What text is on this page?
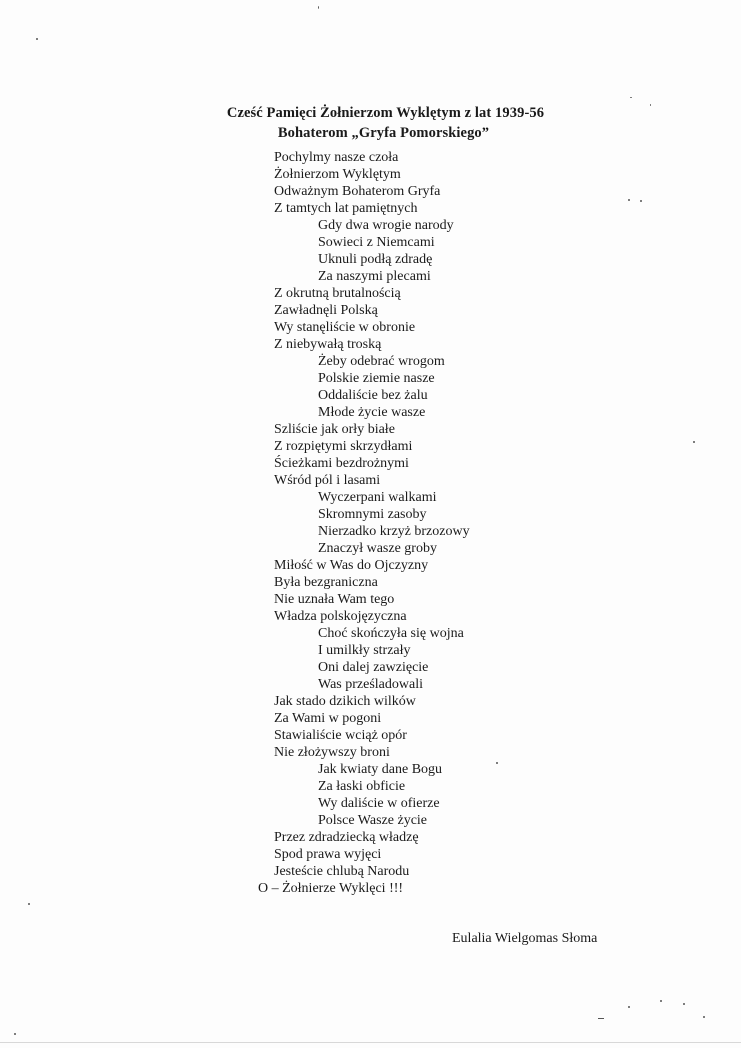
Cześć Pamięci Żołnierzom Wyklętym z lat 1939-56
Bohaterom „Gryfa Pomorskiego”
Pochylmy nasze czoła
Żołnierzom Wyklętym
Odważnym Bohaterom Gryfa
Z tamtych lat pamiętnych
Gdy dwa wrogie narody
Sowieci z Niemcami
Uknuli podłą zdradę
Za naszymi plecami
Z okrutną brutalnością
Zawładnęli Polską
Wy stanęliście w obronie
Z niebywałą troską
Żeby odebrać wrogom
Polskie ziemie nasze
Oddaliście bez żalu
Młode życie wasze
Szliście jak orły białe
Z rozpiętymi skrzydłami
Ścieżkami bezdrożnymi
Wśród pól i lasami
Wyczerpani walkami
Skromnymi zasoby
Nierzadko krzyż brzozowy
Znaczył wasze groby
Miłość w Was do Ojczyzny
Była bezgraniczna
Nie uznała Wam tego
Władza polskojęzyczna
Choć skończyła się wojna
I umilkły strzały
Oni dalej zawzięcie
Was prześladowali
Jak stado dzikich wilków
Za Wami w pogoni
Stawialiście wciąż opór
Nie złożywszy broni
Jak kwiaty dane Bogu
Za łaski obficie
Wy daliście w ofierze
Polsce Wasze życie
Przez zdradziecką władzę
Spod prawa wyjęci
Jesteście chlubą Narodu
O – Żołnierze Wyklęci !!!
Eulalia Wielgomas Słoma
